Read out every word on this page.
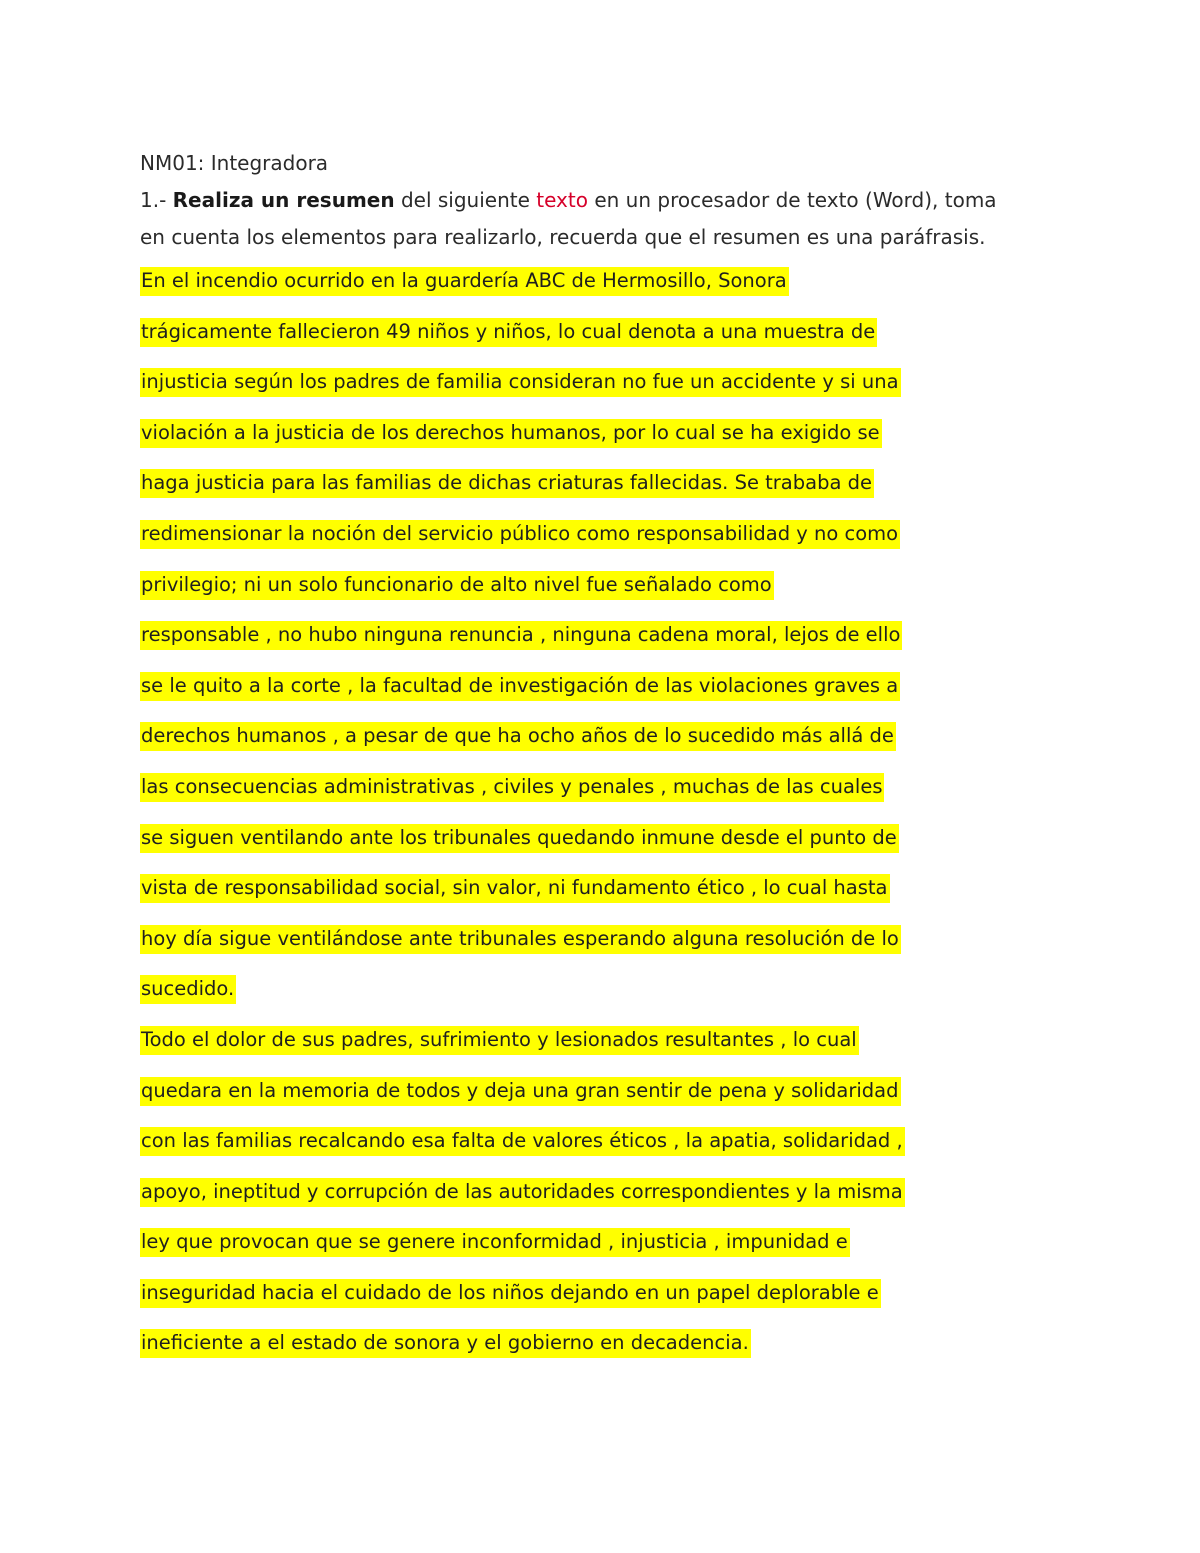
NM01: Integradora
1.- Realiza un resumen del siguiente texto en un procesador de texto (Word), toma
en cuenta los elementos para realizarlo, recuerda que el resumen es una paráfrasis.
En el incendio ocurrido en la guardería ABC de Hermosillo, Sonora
trágicamente fallecieron 49 niños y niños, lo cual denota a una muestra de
injusticia según los padres de familia consideran no fue un accidente y si una
violación a la justicia de los derechos humanos, por lo cual se ha exigido se
haga justicia para las familias de dichas criaturas fallecidas. Se trababa de
redimensionar la noción del servicio público como responsabilidad y no como
privilegio; ni un solo funcionario de alto nivel fue señalado como
responsable , no hubo ninguna renuncia , ninguna cadena moral, lejos de ello
se le quito a la corte , la facultad de investigación de las violaciones graves a
derechos humanos , a pesar de que ha ocho años de lo sucedido más allá de
las consecuencias administrativas , civiles y penales , muchas de las cuales
se siguen ventilando ante los tribunales quedando inmune desde el punto de
vista de responsabilidad social, sin valor, ni fundamento ético , lo cual hasta
hoy día sigue ventilándose ante tribunales esperando alguna resolución de lo
sucedido.
Todo el dolor de sus padres, sufrimiento y lesionados resultantes , lo cual
quedara en la memoria de todos y deja una gran sentir de pena y solidaridad
con las familias recalcando esa falta de valores éticos , la apatia, solidaridad ,
apoyo, ineptitud y corrupción de las autoridades correspondientes y la misma
ley que provocan que se genere inconformidad , injusticia , impunidad e
inseguridad hacia el cuidado de los niños dejando en un papel deplorable e
ineficiente a el estado de sonora y el gobierno en decadencia.
